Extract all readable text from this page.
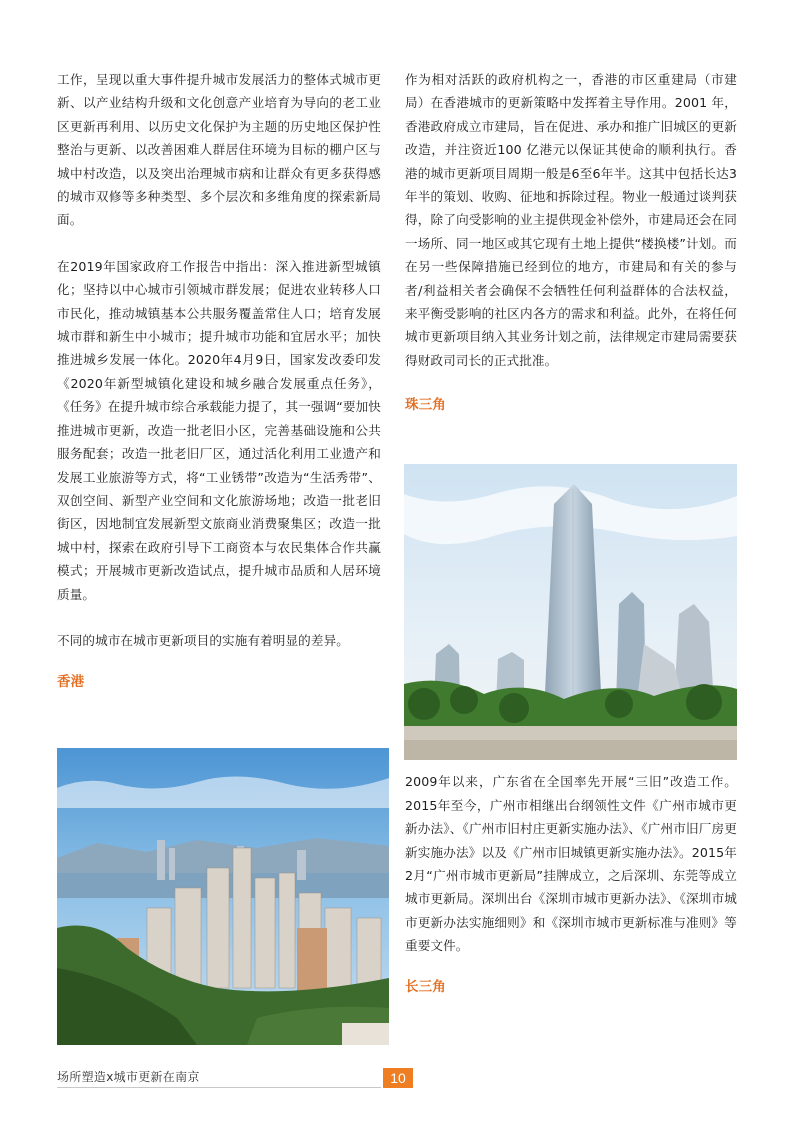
工作，呈现以重大事件提升城市发展活力的整体式城市更新、以产业结构升级和文化创意产业培育为导向的老工业区更新再利用、以历史文化保护为主题的历史地区保护性整治与更新、以改善困难人群居住环境为目标的棚户区与城中村改造，以及突出治理城市病和让群众有更多获得感的城市双修等多种类型、多个层次和多维角度的探索新局面。

在2019年国家政府工作报告中指出：深入推进新型城镇化；坚持以中心城市引领城市群发展；促进农业转移人口市民化，推动城镇基本公共服务覆盖常住人口；培育发展城市群和新生中小城市；提升城市功能和宜居水平；加快推进城乡发展一体化。2020年4月9日，国家发改委印发《2020年新型城镇化建设和城乡融合发展重点任务》，《任务》在提升城市综合承载能力提了，其一强调“要加快推进城市更新，改造一批老旧小区，完善基础设施和公共服务配套；改造一批老旧厂区，通过活化利用工业遗产和发展工业旅游等方式，将“工业锈带”改造为“生活秀带”、双创空间、新型产业空间和文化旅游场地；改造一批老旧街区，因地制宜发展新型文旅商业消费聚集区；改造一批城中村，探索在政府引导下工商资本与农民集体合作共赢模式；开展城市更新改造试点，提升城市品质和人居环境质量。

不同的城市在城市更新项目的实施有着明显的差异。

香港

作为相对活跃的政府机构之一，香港的市区重建局（市建局）在香港城市的更新策略中发挥着主导作用。2001 年，香港政府成立市建局，旨在促进、承办和推广旧城区的更新改造，并注资近100 亿港元以保证其使命的顺利执行。香港的城市更新项目周期一般是6至6年半。这其中包括长达3年半的策划、收购、征地和拆除过程。物业一般通过谈判获得，除了向受影响的业主提供现金补偿外，市建局还会在同一场所、同一地区或其它现有土地上提供“楼换楼”计划。而在另一些保障措施已经到位的地方，市建局和有关的参与者/利益相关者会确保不会牺牲任何利益群体的合法权益，来平衡受影响的社区内各方的需求和利益。此外，在将任何城市更新项目纳入其业务计划之前，法律规定市建局需要获得财政司司长的正式批准。

珠三角

2009年以来，广东省在全国率先开展“三旧”改造工作。2015年至今，广州市相继出台纲领性文件《广州市城市更新办法》、《广州市旧村庄更新实施办法》、《广州市旧厂房更新实施办法》以及《广州市旧城镇更新实施办法》。2015年2月“广州市城市更新局”挂牌成立，之后深圳、东莞等成立城市更新局。深圳出台《深圳市城市更新办法》、《深圳市城市更新办法实施细则》和《深圳市城市更新标准与准则》等重要文件。

长三角

场所塑造x城市更新在南京	10
